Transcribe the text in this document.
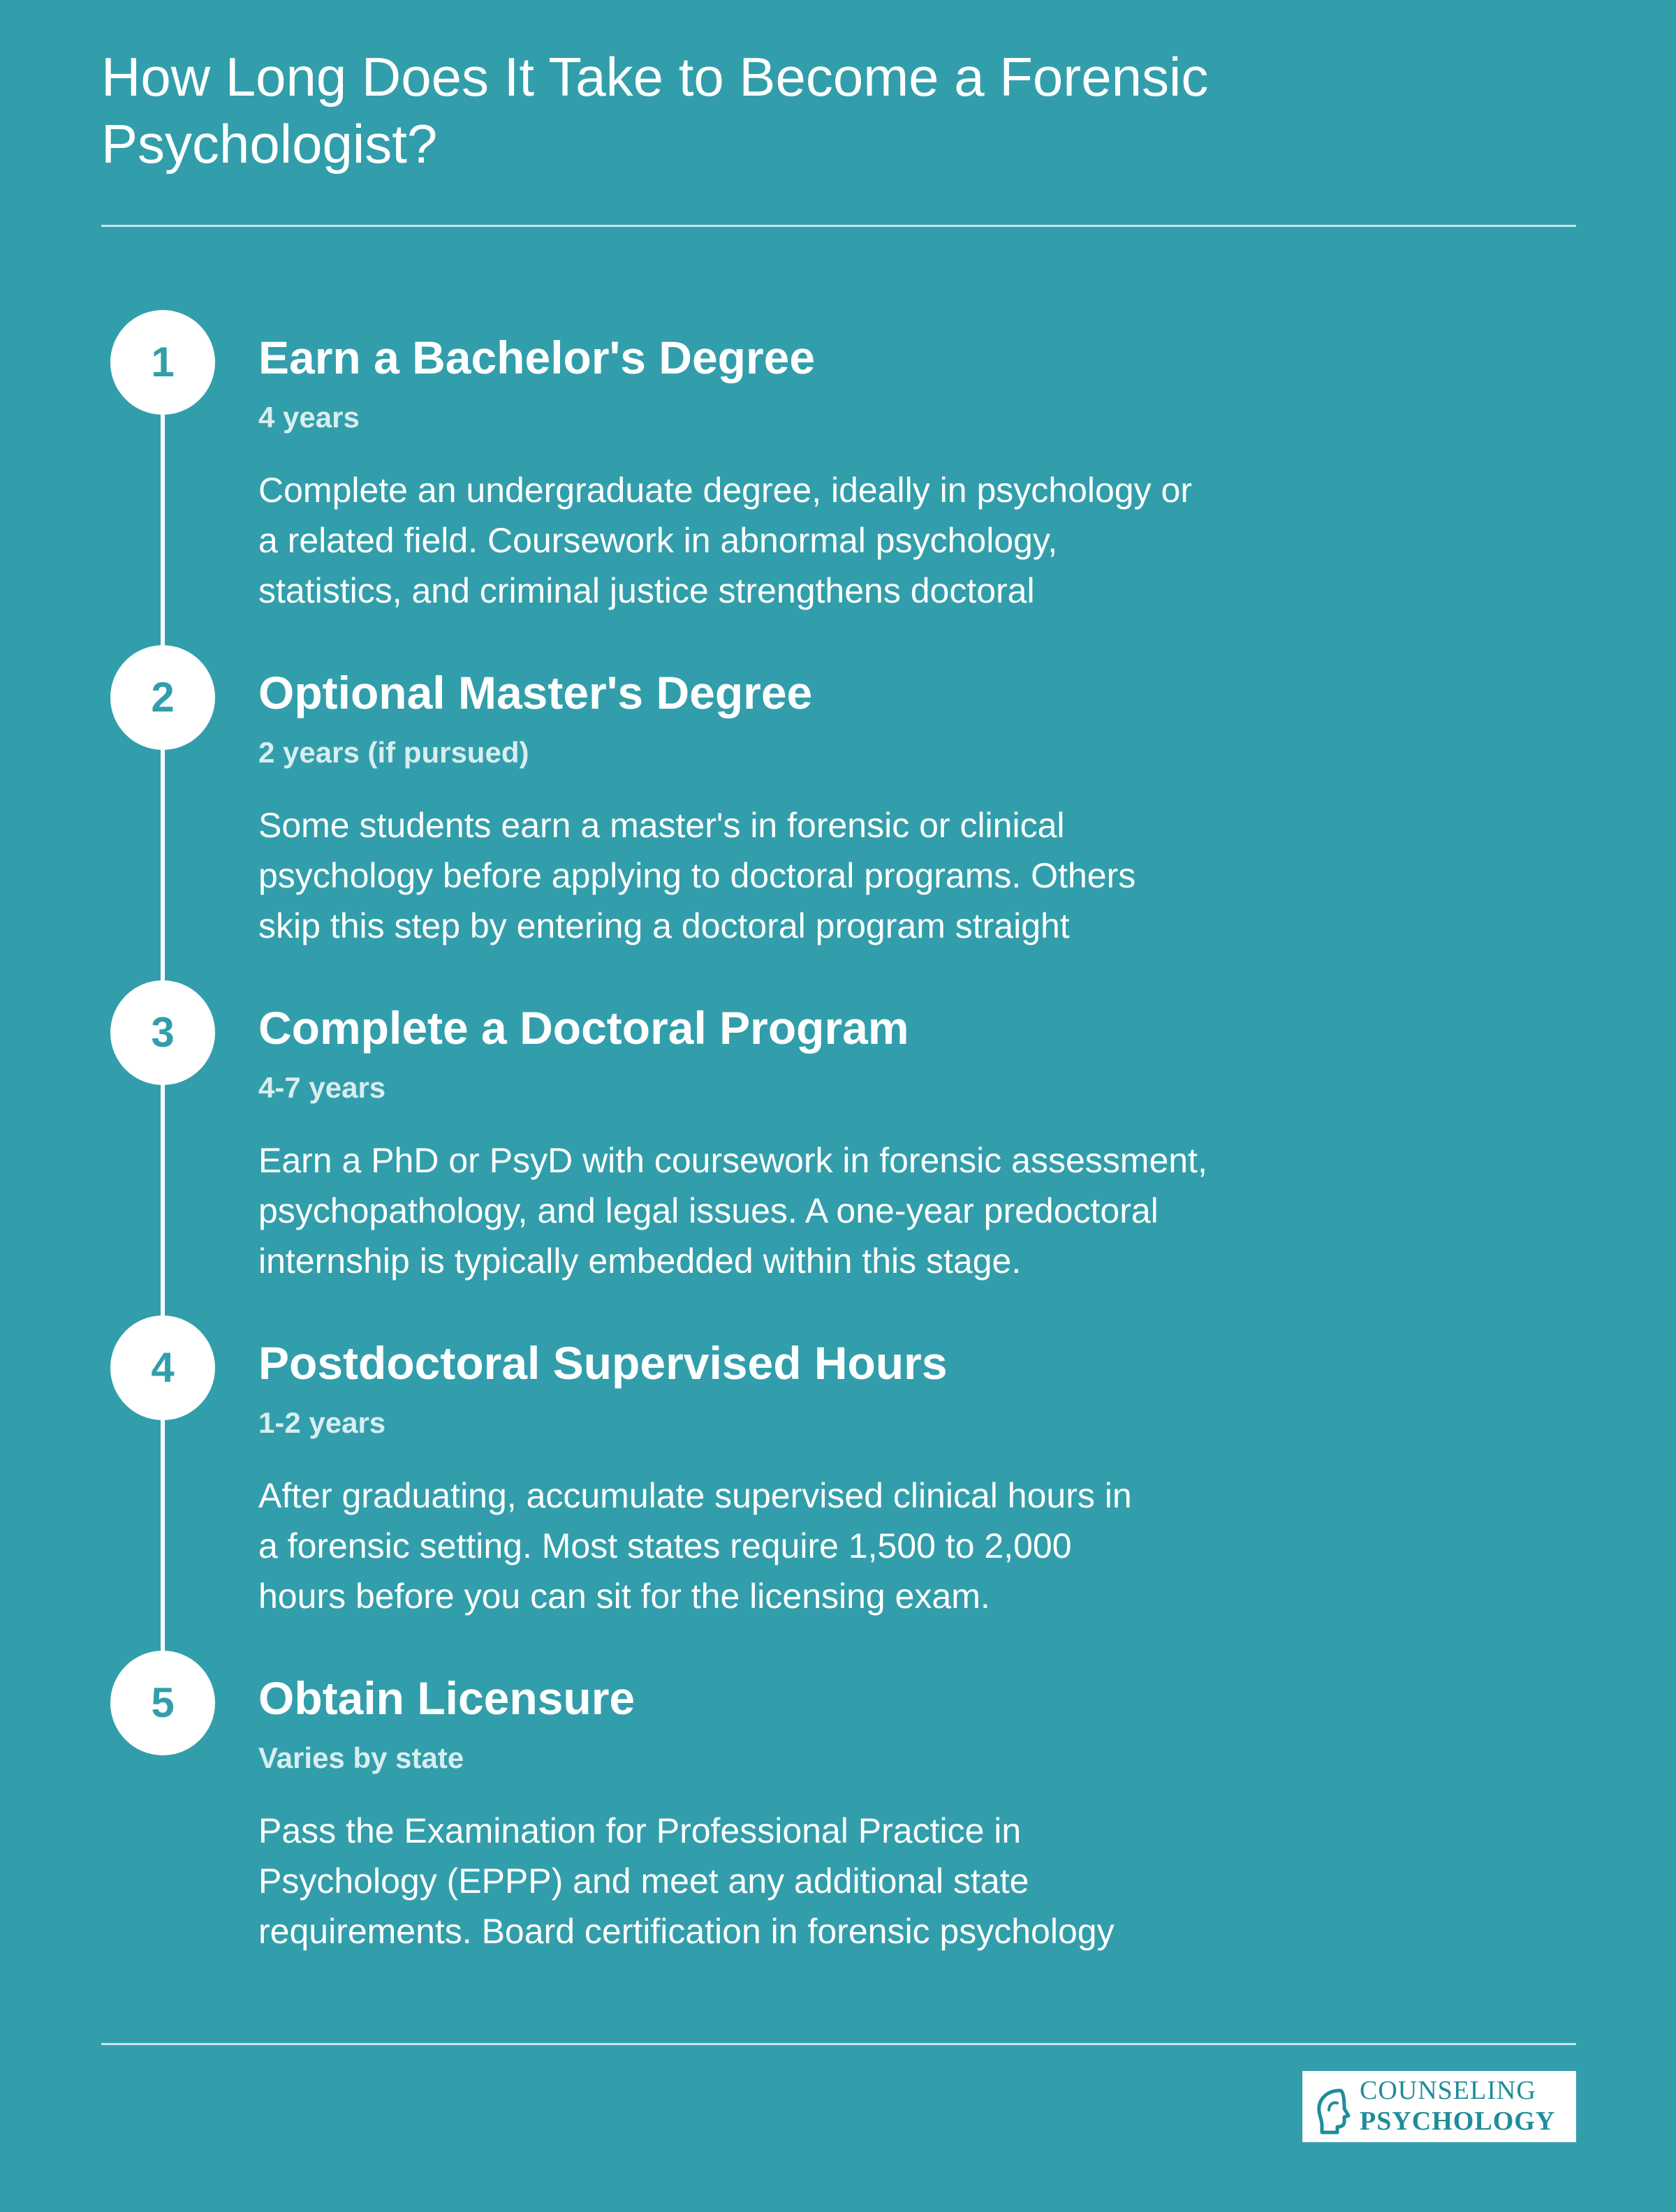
How Long Does It Take to Become a Forensic
Psychologist?
1	Earn a Bachelor's Degree
4 years

Complete an undergraduate degree, ideally in psychology or
a related field. Coursework in abnormal psychology,
statistics, and criminal justice strengthens doctoral

2	Optional Master's Degree
2 years (if pursued)

Some students earn a master's in forensic or clinical
psychology before applying to doctoral programs. Others
skip this step by entering a doctoral program straight

3	Complete a Doctoral Program
4-7 years

Earn a PhD or PsyD with coursework in forensic assessment,
psychopathology, and legal issues. A one-year predoctoral
internship is typically embedded within this stage.

4	Postdoctoral Supervised Hours
1-2 years

After graduating, accumulate supervised clinical hours in
a forensic setting. Most states require 1,500 to 2,000
hours before you can sit for the licensing exam.

5	Obtain Licensure
Varies by state

Pass the Examination for Professional Practice in
Psychology (EPPP) and meet any additional state
requirements. Board certification in forensic psychology

COUNSELING
PSYCHOLOGY
